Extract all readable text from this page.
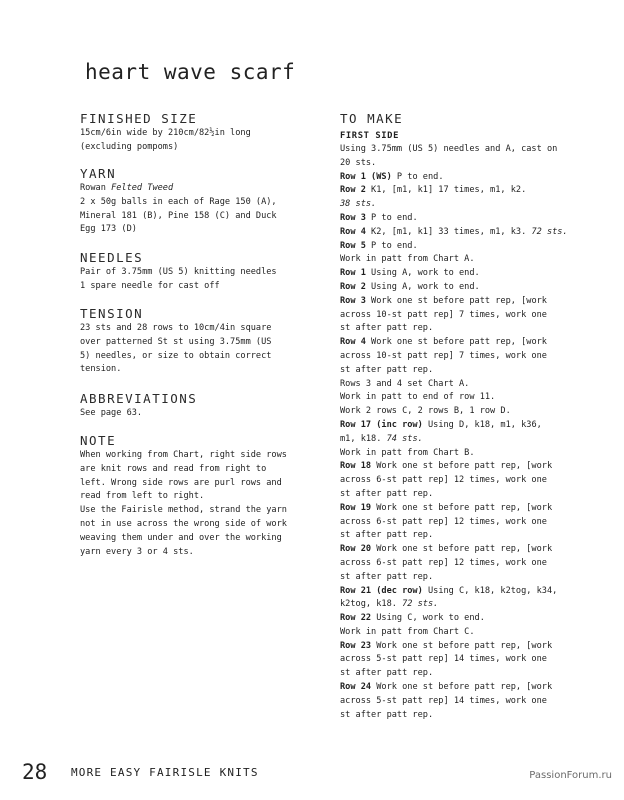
heart wave scarf
FINISHED SIZE
15cm/6in wide by 210cm/82½in long
(excluding pompoms)
YARN
Rowan Felted Tweed
2 x 50g balls in each of Rage 150 (A),
Mineral 181 (B), Pine 158 (C) and Duck
Egg 173 (D)
NEEDLES
Pair of 3.75mm (US 5) knitting needles
1 spare needle for cast off
TENSION
23 sts and 28 rows to 10cm/4in square
over patterned St st using 3.75mm (US
5) needles, or size to obtain correct
tension.
ABBREVIATIONS
See page 63.
NOTE
When working from Chart, right side rows
are knit rows and read from right to
left. Wrong side rows are purl rows and
read from left to right.
Use the Fairisle method, strand the yarn
not in use across the wrong side of work
weaving them under and over the working
yarn every 3 or 4 sts.
TO MAKE
FIRST SIDE
Using 3.75mm (US 5) needles and A, cast on
20 sts.
Row 1 (WS) P to end.
Row 2 K1, [m1, k1] 17 times, m1, k2.
38 sts.
Row 3 P to end.
Row 4 K2, [m1, k1] 33 times, m1, k3. 72 sts.
Row 5 P to end.
Work in patt from Chart A.
Row 1 Using A, work to end.
Row 2 Using A, work to end.
Row 3 Work one st before patt rep, [work
across 10-st patt rep] 7 times, work one
st after patt rep.
Row 4 Work one st before patt rep, [work
across 10-st patt rep] 7 times, work one
st after patt rep.
Rows 3 and 4 set Chart A.
Work in patt to end of row 11.
Work 2 rows C, 2 rows B, 1 row D.
Row 17 (inc row) Using D, k18, m1, k36,
m1, k18. 74 sts.
Work in patt from Chart B.
Row 18 Work one st before patt rep, [work
across 6-st patt rep] 12 times, work one
st after patt rep.
Row 19 Work one st before patt rep, [work
across 6-st patt rep] 12 times, work one
st after patt rep.
Row 20 Work one st before patt rep, [work
across 6-st patt rep] 12 times, work one
st after patt rep.
Row 21 (dec row) Using C, k18, k2tog, k34,
k2tog, k18. 72 sts.
Row 22 Using C, work to end.
Work in patt from Chart C.
Row 23 Work one st before patt rep, [work
across 5-st patt rep] 14 times, work one
st after patt rep.
Row 24 Work one st before patt rep, [work
across 5-st patt rep] 14 times, work one
st after patt rep.
28 MORE EASY FAIRISLE KNITS	PassionForum.ru
